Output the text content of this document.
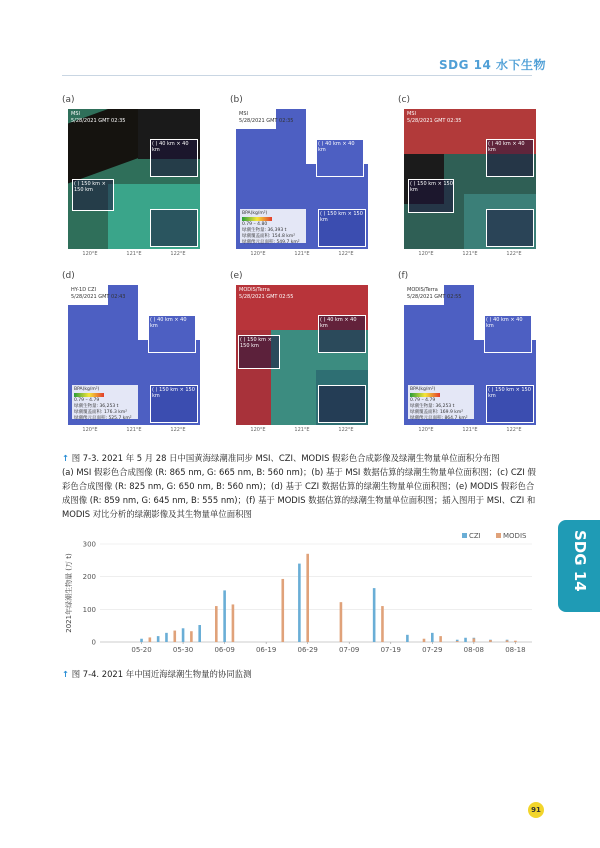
SDG 14 水下生物
SDG 14
(a)
MSI
5/28/2021 GMT 02:35
( ) 150 km × 150 km
( ) 40 km × 40 km
120°E	121°E	122°E
(b)
MSI
5/28/2021 GMT 02:35
( ) 40 km × 40 km
( ) 150 km × 150 km
BPA(kg/m²)
0.79 – 4.80
绿潮生物量: 36,393 t
绿潮覆盖面积: 154.8 km²
绿潮像元总面积: 549.7 km²
120°E	121°E	122°E
(c)
MSI
5/28/2021 GMT 02:35
( ) 40 km × 40 km
( ) 150 km × 150 km
120°E	121°E	122°E
(d)
HY-1D CZI
5/28/2021 GMT 02:43
( ) 40 km × 40 km
( ) 150 km × 150 km
BPA(kg/m²)
0.79 – 4.79
绿潮生物量: 36,253 t
绿潮覆盖面积: 176.3 km²
绿潮像元总面积: 525.7 km²
120°E	121°E	122°E
(e)
MODIS/Terra
5/28/2021 GMT 02:55
( ) 150 km × 150 km
( ) 40 km × 40 km
120°E	121°E	122°E
(f)
MODIS/Terra
5/28/2021 GMT 02:55
( ) 40 km × 40 km
( ) 150 km × 150 km
BPA(kg/m²)
0.79 – 4.79
绿潮生物量: 36,253 t
绿潮覆盖面积: 169.9 km²
绿潮像元总面积: 864.7 km²
120°E	121°E	122°E
↑ 图 7-3. 2021 年 5 月 28 日中国黄海绿潮准同步 MSI、CZI、MODIS 假彩色合成影像及绿潮生物量单位面积分布图
(a) MSI 假彩色合成图像 (R: 865 nm, G: 665 nm, B: 560 nm)；(b) 基于 MSI 数据估算的绿潮生物量单位面积图；(c) CZI 假彩色合成图像 (R: 825 nm, G: 650 nm, B: 560 nm)；(d) 基于 CZI 数据估算的绿潮生物量单位面积图；(e) MODIS 假彩色合成图像 (R: 859 nm, G: 645 nm, B: 555 nm)；(f) 基于 MODIS 数据估算的绿潮生物量单位面积图；插入图用于 MSI、CZI 和 MODIS 对比分析的绿潮影像及其生物量单位面积图
0
100
200
300
2021年绿潮生物量 (万 t)
05-20	05-30	06-09	06-19	06-29	07-09	07-19	07-29	08-08	08-18
CZI	MODIS
↑ 图 7-4. 2021 年中国近海绿潮生物量的协同监测
91
